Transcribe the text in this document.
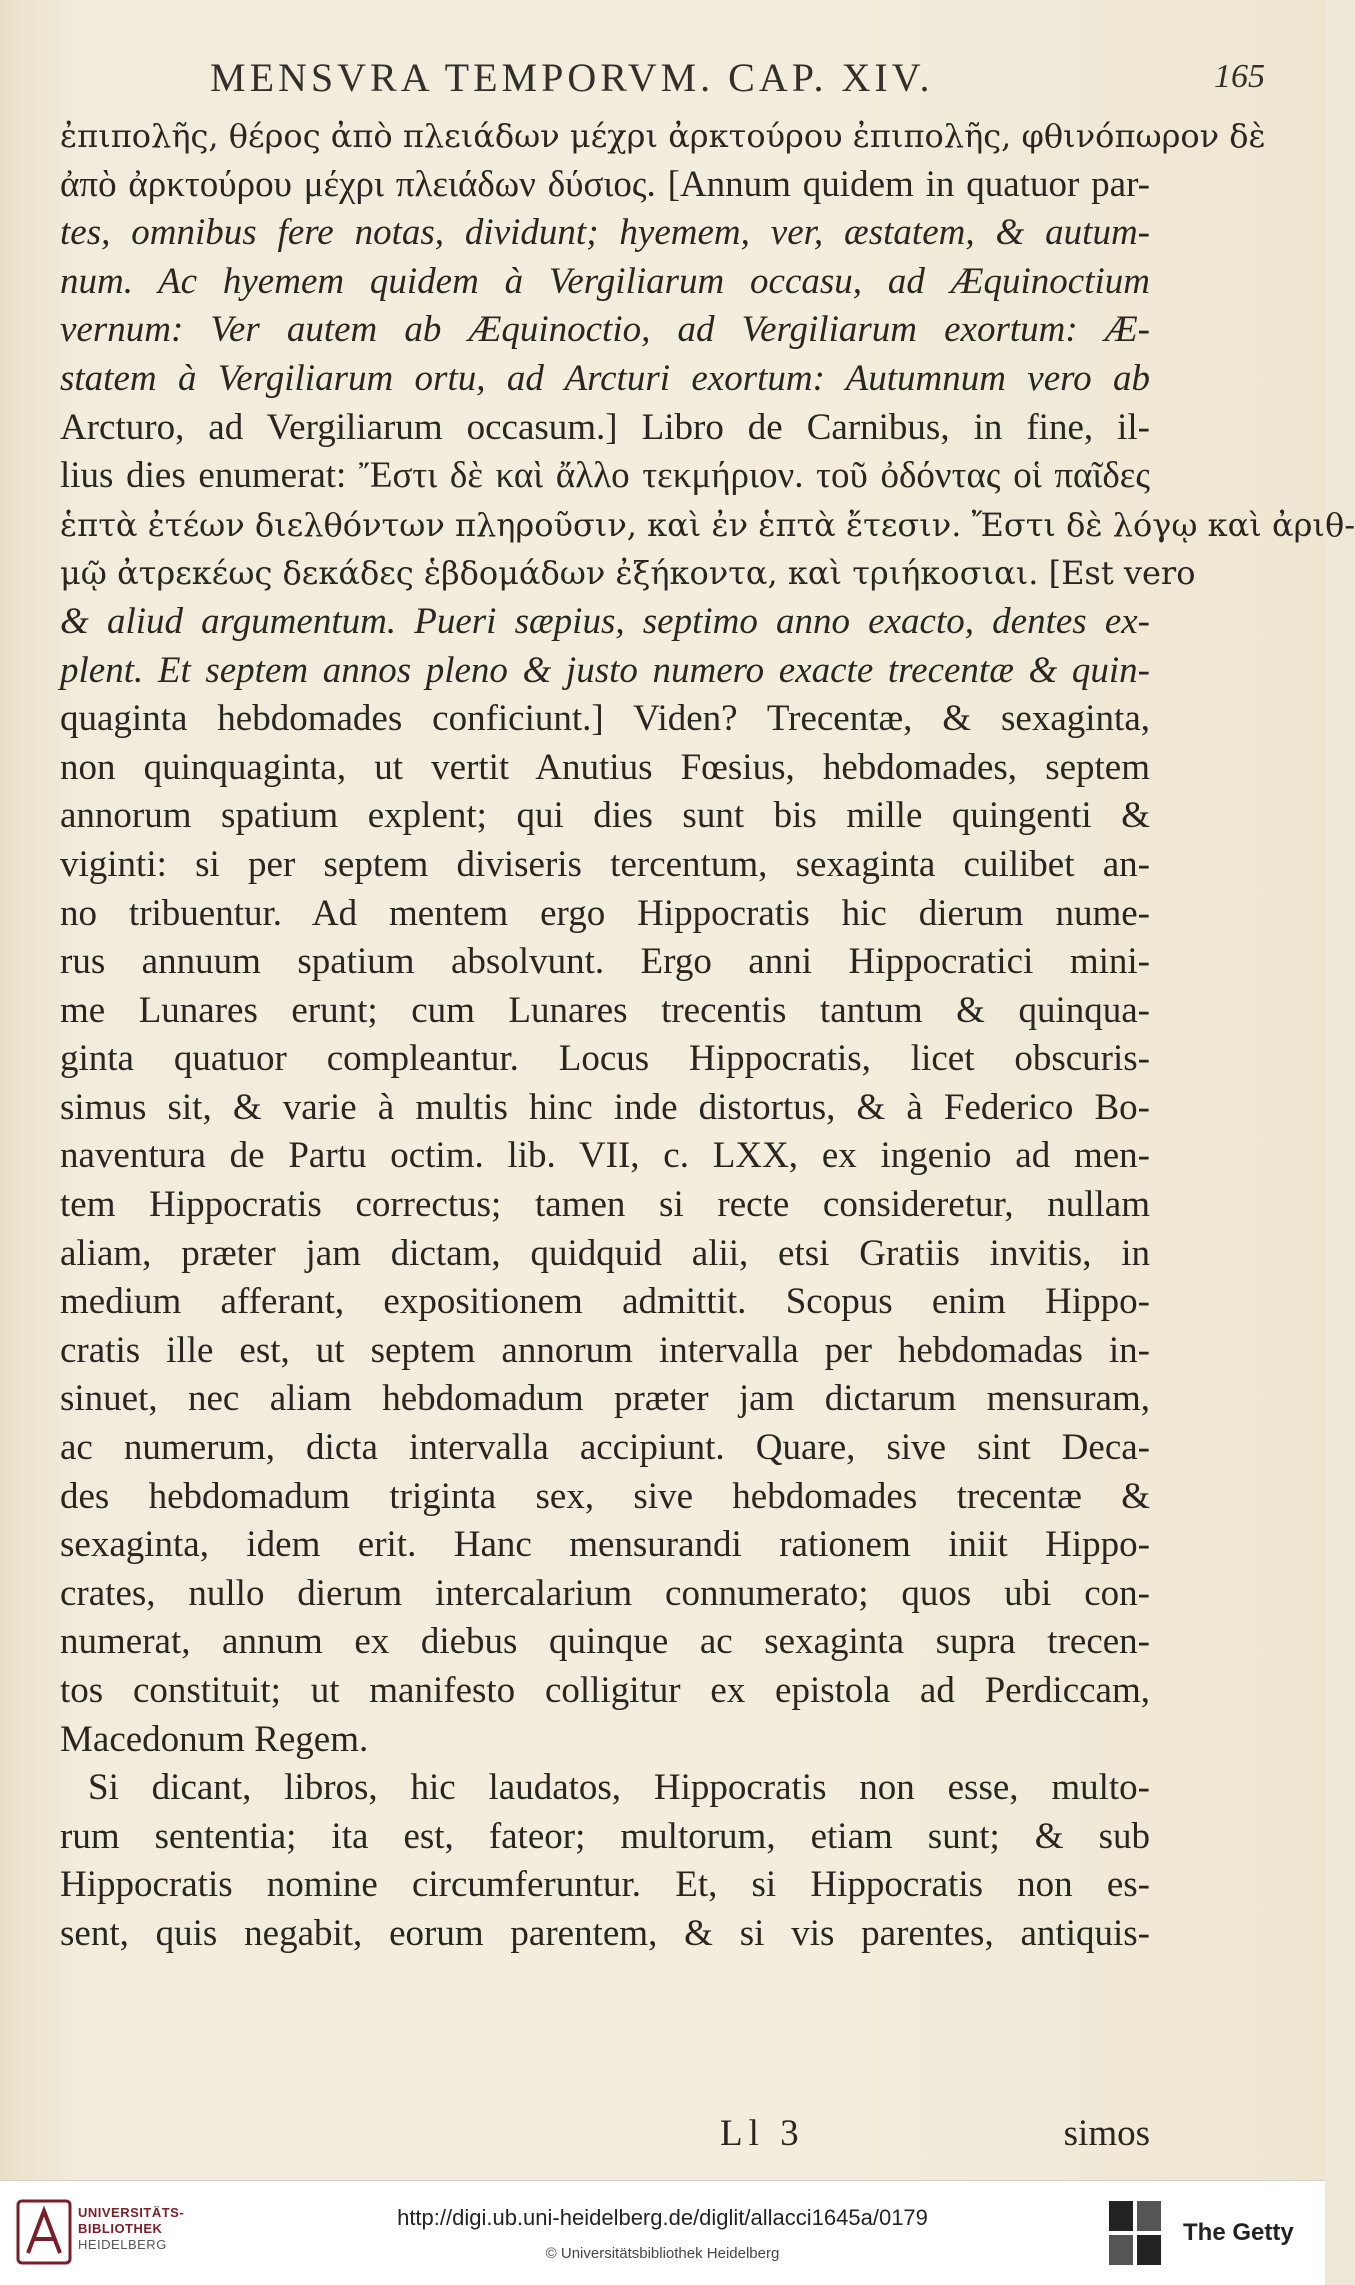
MENSVRA TEMPORVM. CAP. XIV.	165
ἐπιπολῆς, θέρος ἀπὸ πλειάδων μέχρι ἀρκτούρου ἐπιπολῆς, φθινόπωρον δὲ
ἀπὸ ἀρκτούρου μέχρι πλειάδων δύσιος. [Annum quidem in quatuor par-
tes, omnibus fere notas, dividunt; hyemem, ver, æstatem, & autum-
num. Ac hyemem quidem à Vergiliarum occasu, ad Æquinoctium
vernum: Ver autem ab Æquinoctio, ad Vergiliarum exortum: Æ-
statem à Vergiliarum ortu, ad Arcturi exortum: Autumnum vero ab
Arcturo, ad Vergiliarum occasum.] Libro de Carnibus, in fine, il-
lius dies enumerat: Ἔστι δὲ καὶ ἄλλο τεκμήριον. τοῦ ὀδόντας οἱ παῖδες
ἑπτὰ ἐτέων διελθόντων πληροῦσιν, καὶ ἐν ἑπτὰ ἔτεσιν. Ἔστι δὲ λόγῳ καὶ ἀριθ-
μῷ ἀτρεκέως δεκάδες ἑβδομάδων ἐξήκοντα, καὶ τριήκοσιαι. [Est vero
& aliud argumentum. Pueri sæpius, septimo anno exacto, dentes ex-
plent. Et septem annos pleno & justo numero exacte trecentæ & quin-
quaginta hebdomades conficiunt.] Viden? Trecentæ, & sexaginta,
non quinquaginta, ut vertit Anutius Fœsius, hebdomades, septem
annorum spatium explent; qui dies sunt bis mille quingenti &
viginti: si per septem diviseris tercentum, sexaginta cuilibet an-
no tribuentur. Ad mentem ergo Hippocratis hic dierum nume-
rus annuum spatium absolvunt. Ergo anni Hippocratici mini-
me Lunares erunt; cum Lunares trecentis tantum & quinqua-
ginta quatuor compleantur. Locus Hippocratis, licet obscuris-
simus sit, & varie à multis hinc inde distortus, & à Federico Bo-
naventura de Partu octim. lib. VII, c. LXX, ex ingenio ad men-
tem Hippocratis correctus; tamen si recte consideretur, nullam
aliam, præter jam dictam, quidquid alii, etsi Gratiis invitis, in
medium afferant, expositionem admittit. Scopus enim Hippo-
cratis ille est, ut septem annorum intervalla per hebdomadas in-
sinuet, nec aliam hebdomadum præter jam dictarum mensuram,
ac numerum, dicta intervalla accipiunt. Quare, sive sint Deca-
des hebdomadum triginta sex, sive hebdomades trecentæ &
sexaginta, idem erit. Hanc mensurandi rationem iniit Hippo-
crates, nullo dierum intercalarium connumerato; quos ubi con-
numerat, annum ex diebus quinque ac sexaginta supra trecen-
tos constituit; ut manifesto colligitur ex epistola ad Perdiccam,
Macedonum Regem.
Si dicant, libros, hic laudatos, Hippocratis non esse, multo-
rum sententia; ita est, fateor; multorum, etiam sunt; & sub
Hippocratis nomine circumferuntur. Et, si Hippocratis non es-
sent, quis negabit, eorum parentem, & si vis parentes, antiquis-
Ll 3	simos
UNIVERSITÄTS-
BIBLIOTHEK
HEIDELBERG
http://digi.ub.uni-heidelberg.de/diglit/allacci1645a/0179
© Universitätsbibliothek Heidelberg
The Getty
